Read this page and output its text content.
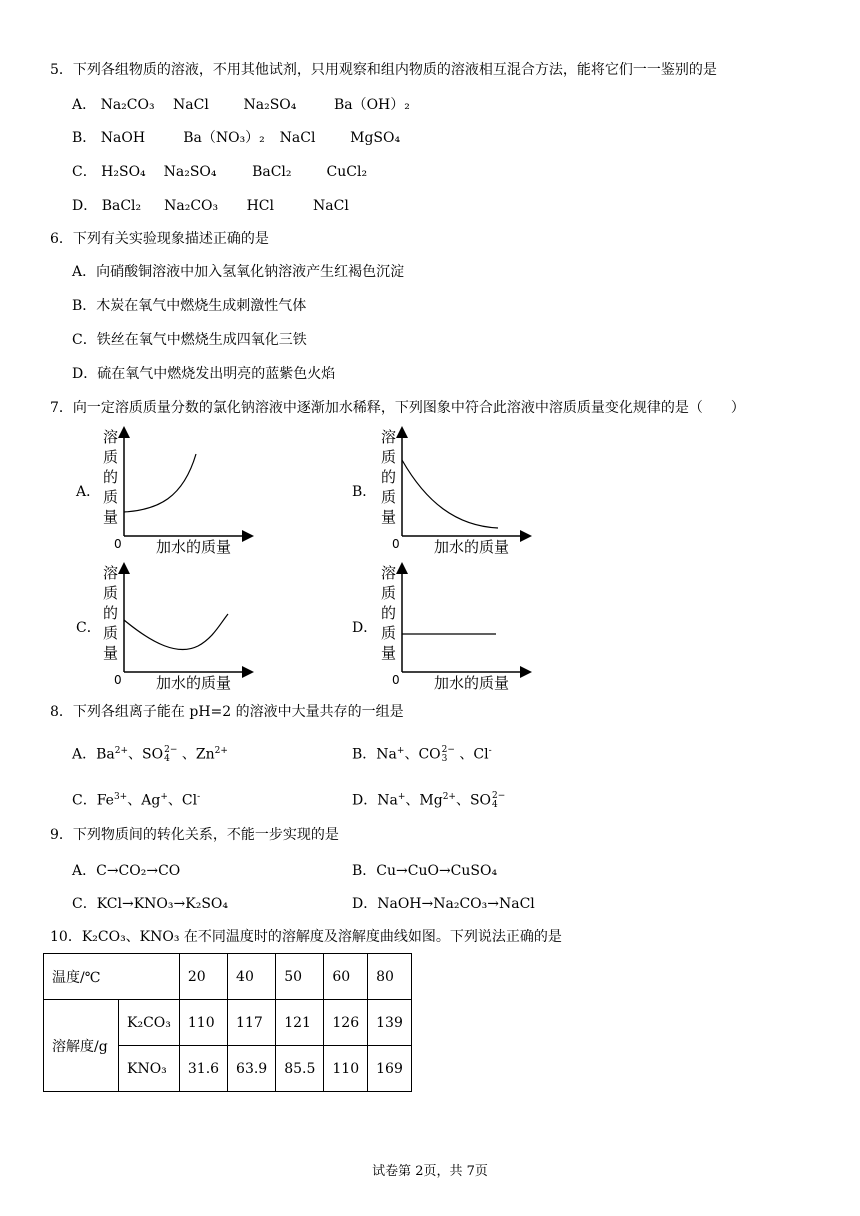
5．下列各组物质的溶液，不用其他试剂，只用观察和组内物质的溶液相互混合方法，能将它们一一鉴别的是
A． Na₂CO₃ NaCl Na₂SO₄	Ba（OH）₂
B． NaOH	Ba（NO₃）₂ NaCl MgSO₄
C． H₂SO₄ Na₂SO₄	BaCl₂	CuCl₂
D． BaCl₂ Na₂CO₃ HCl	NaCl
6．下列有关实验现象描述正确的是
A．向硝酸铜溶液中加入氢氧化钠溶液产生红褐色沉淀
B．木炭在氧气中燃烧生成刺激性气体
C．铁丝在氧气中燃烧生成四氧化三铁
D．硫在氧气中燃烧发出明亮的蓝紫色火焰
7．向一定溶质质量分数的氯化钠溶液中逐渐加水稀释，下列图象中符合此溶液中溶质质量变化规律的是（　　）
A．	B．
C．	D．
溶
质
的
质
量
0 加水的质量
溶
质
的
质
量
0 加水的质量
溶
质
的
质
量
0 加水的质量
溶
质
的
质
量
0 加水的质量
8．下列各组离子能在 pH=2 的溶液中大量共存的一组是
A．$Ba^{2+}$、SO 2−
4 、$Zn^{2+}$	B．Na+、CO 2−
3 、Cl-
C．$Fe^{3+}$、Ag+、Cl-	D．Na+、$Mg^{2+}$、SO 2−
4
9．下列物质间的转化关系，不能一步实现的是
A．C→CO₂→CO	B．Cu→CuO→CuSO₄
C．KCl→KNO₃→K₂SO₄	D．NaOH→Na₂CO₃→NaCl
10．K₂CO₃、KNO₃ 在不同温度时的溶解度及溶解度曲线如图。下列说法正确的是
温度/℃		20	40	50	60	80
溶解度/g	K₂CO₃	110	117	121	126	139
	KNO₃	31.6	63.9	85.5	110	169
试卷第 2页，共 7页
